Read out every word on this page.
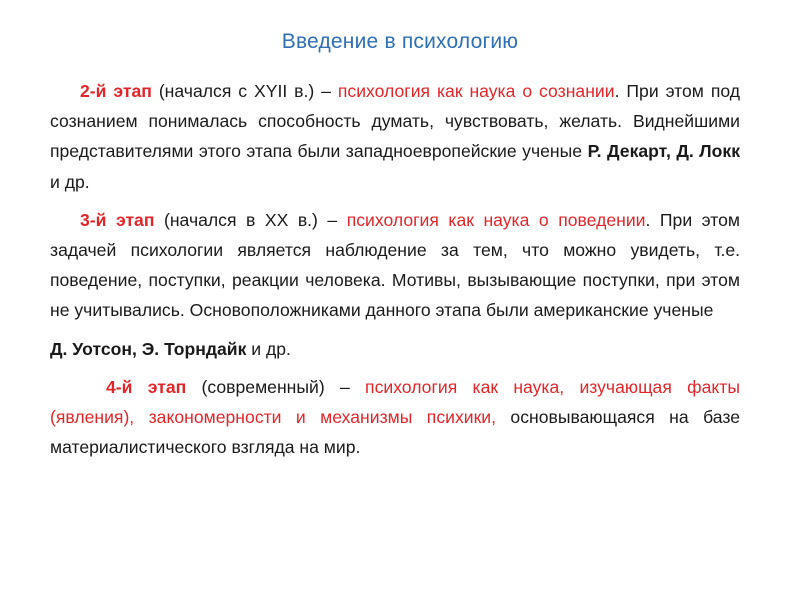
Введение в психологию

2-й этап (начался с XYII в.) – психология как наука о сознании. При этом под сознанием понималась способность думать, чувствовать, желать. Виднейшими представителями этого этапа были западноевропейские ученые Р. Декарт, Д. Локк и др.

3-й этап (начался в XX в.) – психология как наука о поведении. При этом задачей психологии является наблюдение за тем, что можно увидеть, т.е. поведение, поступки, реакции человека. Мотивы, вызывающие поступки, при этом не учитывались. Основоположниками данного этапа были американские ученые

Д. Уотсон, Э. Торндайк и др.

4-й этап (современный) – психология как наука, изучающая факты (явления), закономерности и механизмы психики, основывающаяся на базе материалистического взгляда на мир.
